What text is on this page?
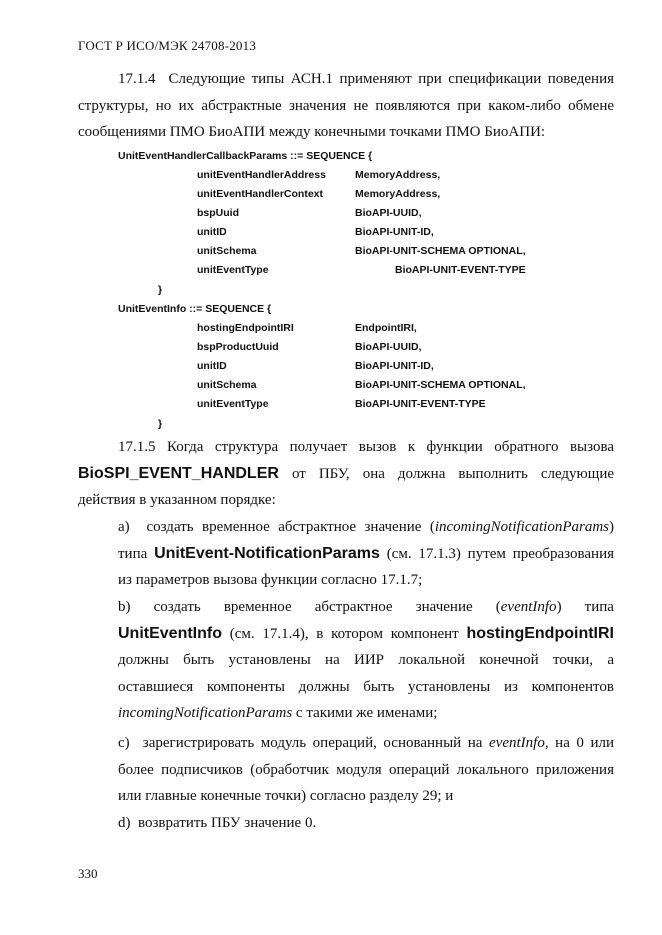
ГОСТ Р ИСО/МЭК 24708-2013
17.1.4 Следующие типы АСН.1 применяют при спецификации поведения
структуры, но их абстрактные значения не появляются при каком-либо обмене
сообщениями ПМО БиоАПИ между конечными точками ПМО БиоАПИ:
UnitEventHandlerCallbackParams ::= SEQUENCE {
unitEventHandlerAddress	MemoryAddress,
unitEventHandlerContext	MemoryAddress,
bspUuid	BioAPI-UUID,
unitID	BioAPI-UNIT-ID,
unitSchema	BioAPI-UNIT-SCHEMA OPTIONAL,
unitEventType	BioAPI-UNIT-EVENT-TYPE
}
UnitEventInfo ::= SEQUENCE {
hostingEndpointIRI	EndpointIRI,
bspProductUuid	BioAPI-UUID,
unitID	BioAPI-UNIT-ID,
unitSchema	BioAPI-UNIT-SCHEMA OPTIONAL,
unitEventType	BioAPI-UNIT-EVENT-TYPE
}
17.1.5 Когда структура получает вызов к функции обратного вызова
BioSPI_EVENT_HANDLER от ПБУ, она должна выполнить следующие
действия в указанном порядке:
а) создать временное абстрактное значение (incomingNotificationParams)
типа UnitEvent-NotificationParams (см. 17.1.3) путем преобразования
из параметров вызова функции согласно 17.1.7;
b) создать временное абстрактное значение (eventInfo) типа
UnitEventInfo (см. 17.1.4), в котором компонент hostingEndpointIRI
должны быть установлены на ИИР локальной конечной точки, а
оставшиеся компоненты должны быть установлены из компонентов
incomingNotificationParams с такими же именами;
с) зарегистрировать модуль операций, основанный на eventInfo, на 0 или
более подписчиков (обработчик модуля операций локального приложения
или главные конечные точки) согласно разделу 29; и
d) возвратить ПБУ значение 0.
330
